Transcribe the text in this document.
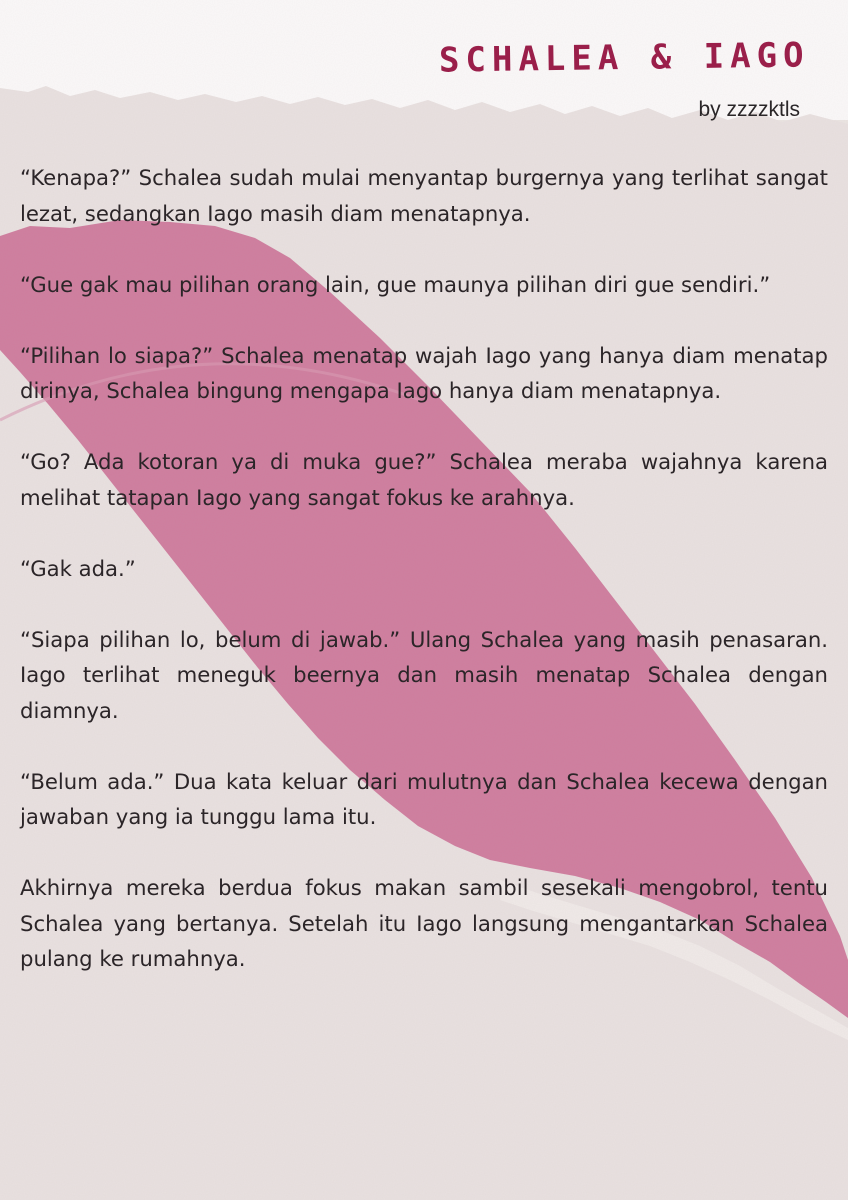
SCHALEA & IAGO

by zzzzktls

“Kenapa?” Schalea sudah mulai menyantap burgernya yang terlihat sangat lezat, sedangkan Iago masih diam menatapnya.

“Gue gak mau pilihan orang lain, gue maunya pilihan diri gue sendiri.”

“Pilihan lo siapa?” Schalea menatap wajah Iago yang hanya diam menatap dirinya, Schalea bingung mengapa Iago hanya diam menatapnya.

“Go? Ada kotoran ya di muka gue?” Schalea meraba wajahnya karena melihat tatapan Iago yang sangat fokus ke arahnya.

“Gak ada.”

“Siapa pilihan lo, belum di jawab.” Ulang Schalea yang masih penasaran. Iago terlihat meneguk beernya dan masih menatap Schalea dengan diamnya.

“Belum ada.” Dua kata keluar dari mulutnya dan Schalea kecewa dengan jawaban yang ia tunggu lama itu.

Akhirnya mereka berdua fokus makan sambil sesekali mengobrol, tentu Schalea yang bertanya. Setelah itu Iago langsung mengantarkan Schalea pulang ke rumahnya.
